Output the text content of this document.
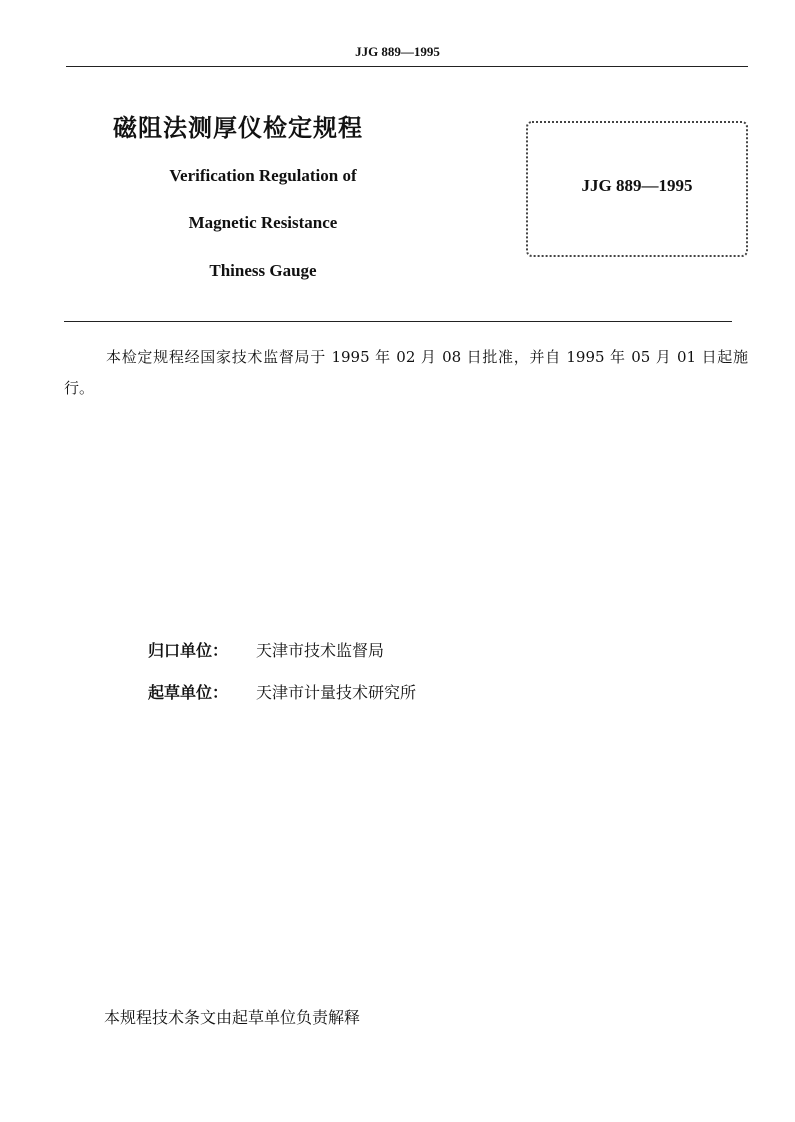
JJG 889—1995
磁阻法测厚仪检定规程
Verification Regulation of
Magnetic Resistance
Thiness Gauge
JJG 889—1995
本检定规程经国家技术监督局于 1995 年 02 月 08 日批准，并自 1995 年 05 月 01 日起施行。
归口单位： 天津市技术监督局
起草单位： 天津市计量技术研究所
本规程技术条文由起草单位负责解释
